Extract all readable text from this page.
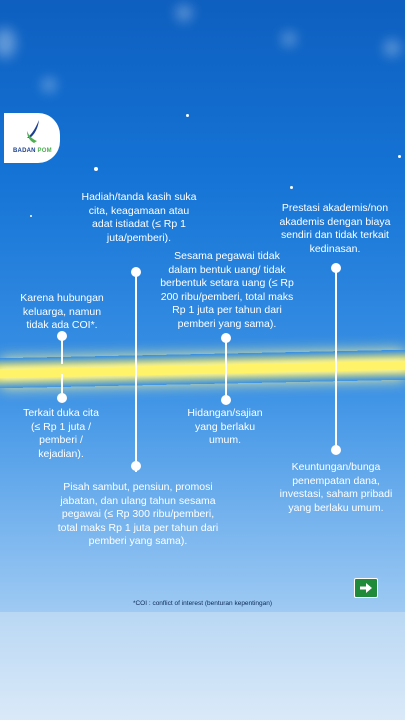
BADAN POM
Karena hubungan
keluarga, namun
tidak ada COI*.
Hadiah/tanda kasih suka
cita, keagamaan atau
adat istiadat (≤ Rp 1
juta/pemberi).
Sesama pegawai tidak
dalam bentuk uang/ tidak
berbentuk setara uang (≤ Rp
200 ribu/pemberi, total maks
Rp 1 juta per tahun dari
pemberi yang sama).
Prestasi akademis/non
akademis dengan biaya
sendiri dan tidak terkait
kedinasan.
Terkait duka cita
(≤ Rp 1 juta /
pemberi /
kejadian).
Pisah sambut, pensiun, promosi
jabatan, dan ulang tahun sesama
pegawai (≤ Rp 300 ribu/pemberi,
total maks Rp 1 juta per tahun dari
pemberi yang sama).
Hidangan/sajian
yang berlaku
umum.
Keuntungan/bunga
penempatan dana,
investasi, saham pribadi
yang berlaku umum.
*COI : conflict of interest (benturan kepentingan)
